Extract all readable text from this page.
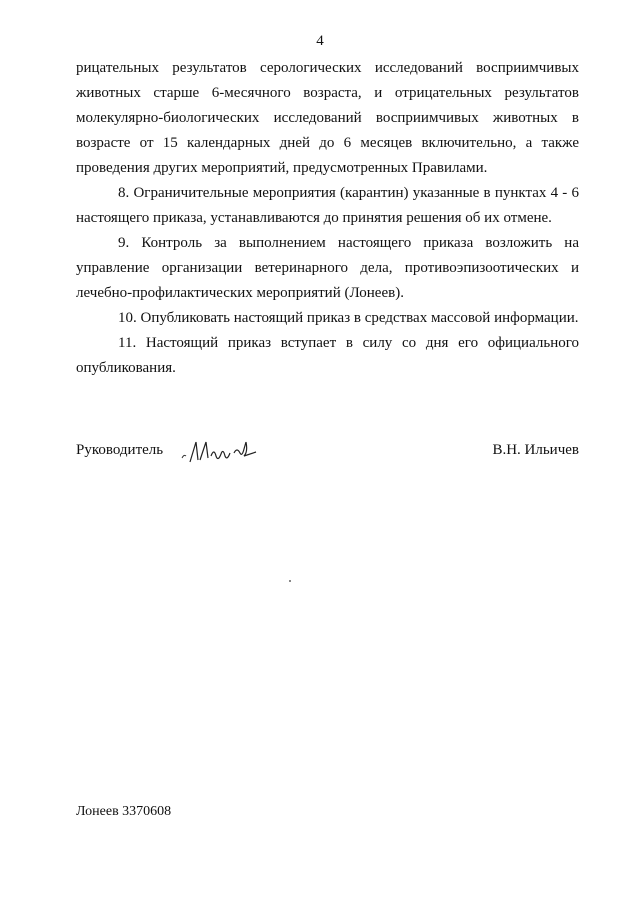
4

рицательных результатов серологических исследований восприимчивых животных старше 6-месячного возраста, и отрицательных результатов молекулярно-биологических исследований восприимчивых животных в возрасте от 15 календарных дней до 6 месяцев включительно, а также проведения других мероприятий, предусмотренных Правилами.

8. Ограничительные мероприятия (карантин) указанные в пунктах 4 - 6 настоящего приказа, устанавливаются до принятия решения об их отмене.

9. Контроль за выполнением настоящего приказа возложить на управление организации ветеринарного дела, противоэпизоотических и лечебно-профилактических мероприятий (Лонеев).

10. Опубликовать настоящий приказ в средствах массовой информации.

11. Настоящий приказ вступает в силу со дня его официального опубликования.

Руководитель	В.Н. Ильичев
Лонеев 3370608
